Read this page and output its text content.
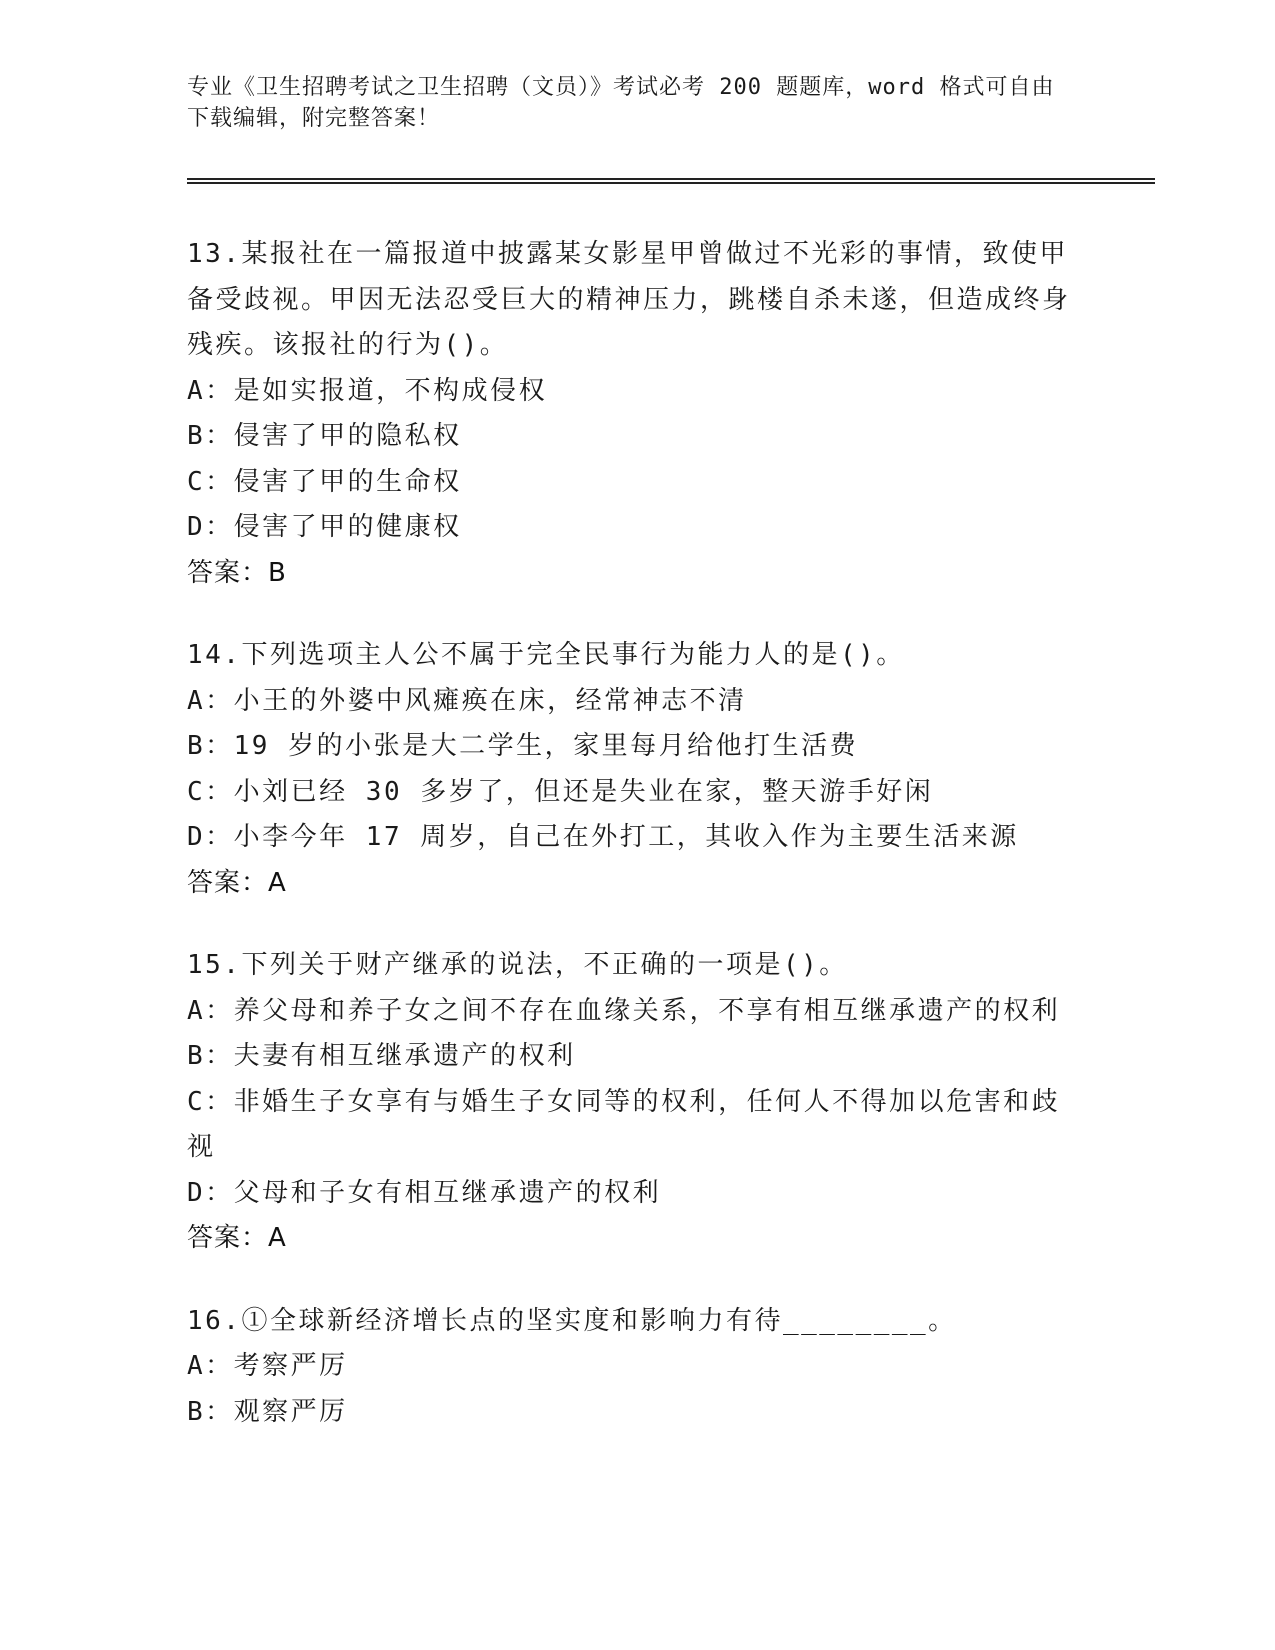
专业《卫生招聘考试之卫生招聘（文员）》考试必考 200 题题库，word 格式可自由下载编辑，附完整答案！
13.某报社在一篇报道中披露某女影星甲曾做过不光彩的事情，致使甲备受歧视。甲因无法忍受巨大的精神压力，跳楼自杀未遂，但造成终身残疾。该报社的行为()。
A：是如实报道，不构成侵权
B：侵害了甲的隐私权
C：侵害了甲的生命权
D：侵害了甲的健康权
答案：B
14.下列选项主人公不属于完全民事行为能力人的是()。
A：小王的外婆中风瘫痪在床，经常神志不清
B：19 岁的小张是大二学生，家里每月给他打生活费
C：小刘已经 30 多岁了，但还是失业在家，整天游手好闲
D：小李今年 17 周岁，自己在外打工，其收入作为主要生活来源
答案：A
15.下列关于财产继承的说法，不正确的一项是()。
A：养父母和养子女之间不存在血缘关系，不享有相互继承遗产的权利
B：夫妻有相互继承遗产的权利
C：非婚生子女享有与婚生子女同等的权利，任何人不得加以危害和歧视
D：父母和子女有相互继承遗产的权利
答案：A
16.①全球新经济增长点的坚实度和影响力有待________。
A：考察严厉
B：观察严厉
